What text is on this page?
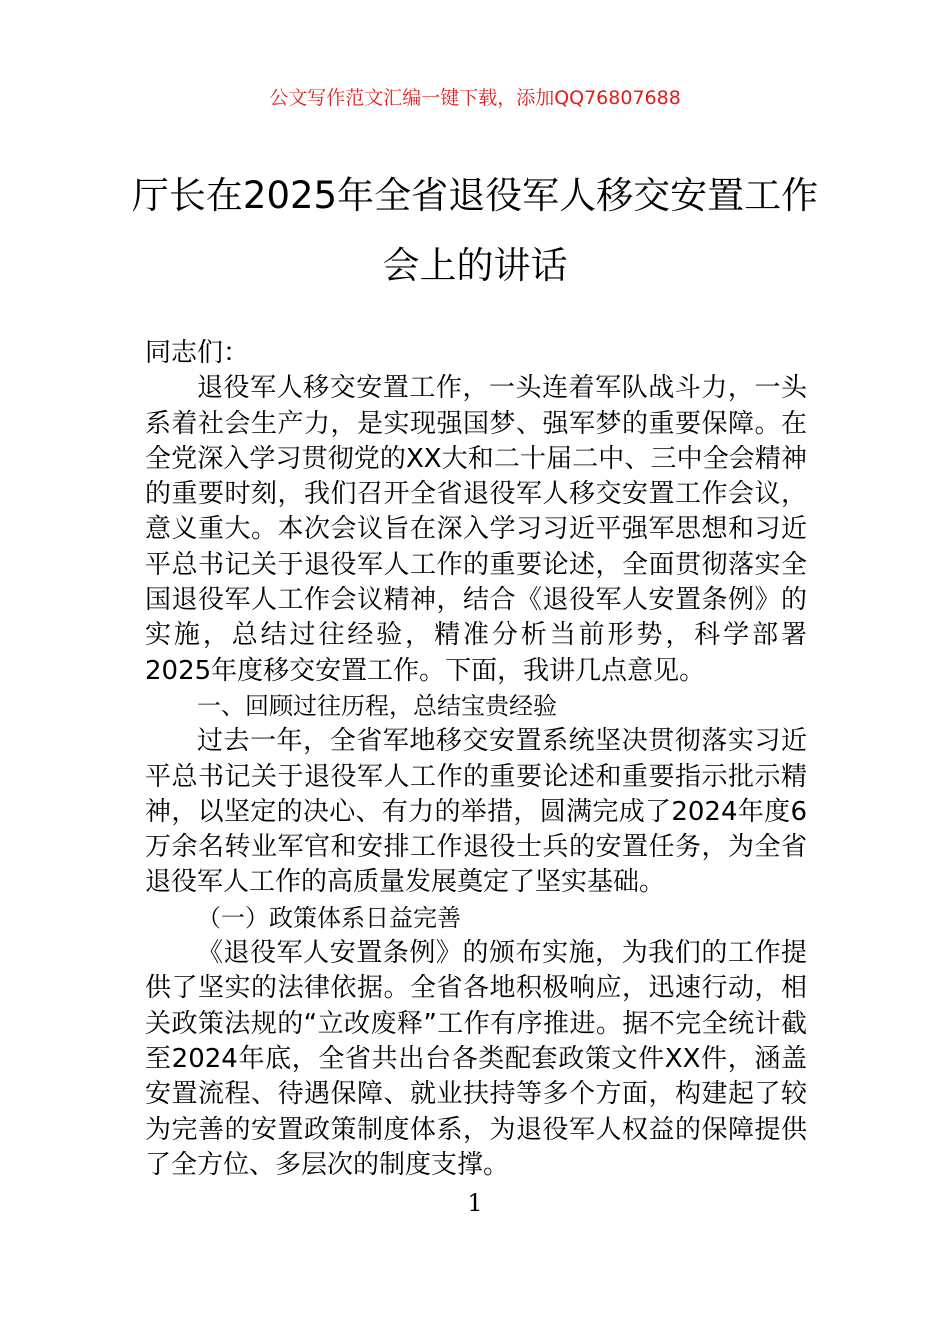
公文写作范文汇编一键下载，添加QQ76807688
厅长在2025年全省退役军人移交安置工作
会上的讲话

同志们：

退役军人移交安置工作，一头连着军队战斗力，一头系着社会生产力，是实现强国梦、强军梦的重要保障。在全党深入学习贯彻党的XX大和二十届二中、三中全会精神的重要时刻，我们召开全省退役军人移交安置工作会议，意义重大。本次会议旨在深入学习习近平强军思想和习近平总书记关于退役军人工作的重要论述，全面贯彻落实全国退役军人工作会议精神，结合《退役军人安置条例》的实施，总结过往经验，精准分析当前形势，科学部署2025年度移交安置工作。下面，我讲几点意见。

一、回顾过往历程，总结宝贵经验

过去一年，全省军地移交安置系统坚决贯彻落实习近平总书记关于退役军人工作的重要论述和重要指示批示精神，以坚定的决心、有力的举措，圆满完成了2024年度6万余名转业军官和安排工作退役士兵的安置任务，为全省退役军人工作的高质量发展奠定了坚实基础。

（一）政策体系日益完善

《退役军人安置条例》的颁布实施，为我们的工作提供了坚实的法律依据。全省各地积极响应，迅速行动，相关政策法规的“立改废释”工作有序推进。据不完全统计截至2024年底，全省共出台各类配套政策文件XX件，涵盖安置流程、待遇保障、就业扶持等多个方面，构建起了较为完善的安置政策制度体系，为退役军人权益的保障提供了全方位、多层次的制度支撑。

1
